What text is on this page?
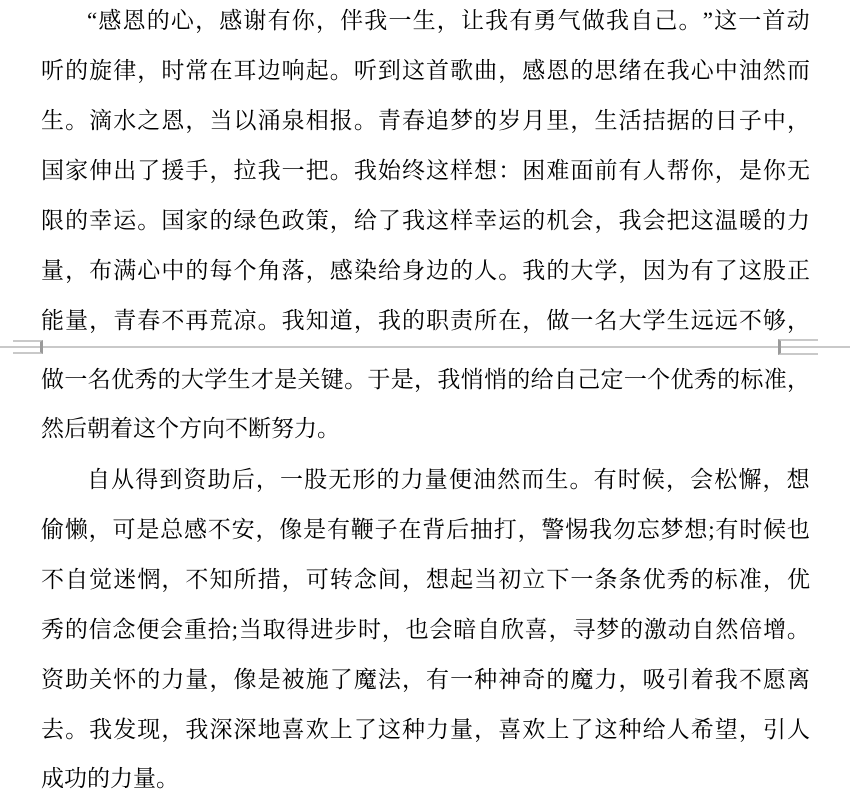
“ 感 恩 的 心 ， 感 谢 有 你 ， 伴 我 一 生 ， 让 我 有 勇 气 做 我 自 己 。 ” 这 一 首 动
听 的 旋 律 ， 时 常 在 耳 边 响 起 。 听 到 这 首 歌 曲 ， 感 恩 的 思 绪 在 我 心 中 油 然 而
生 。 滴 水 之 恩 ， 当 以 涌 泉 相 报 。 青 春 追 梦 的 岁 月 里 ， 生 活 拮 据 的 日 子 中 ，
国 家 伸 出 了 援 手 ， 拉 我 一 把 。 我 始 终 这 样 想 ： 困 难 面 前 有 人 帮 你 ， 是 你 无
限 的 幸 运 。 国 家 的 绿 色 政 策 ， 给 了 我 这 样 幸 运 的 机 会 ， 我 会 把 这 温 暖 的 力
量 ， 布 满 心 中 的 每 个 角 落 ， 感 染 给 身 边 的 人 。 我 的 大 学 ， 因 为 有 了 这 股 正
能 量 ， 青 春 不 再 荒 凉 。 我 知 道 ， 我 的 职 责 所 在 ， 做 一 名 大 学 生 远 远 不 够 ，
做 一 名 优 秀 的 大 学 生 才 是 关 键 。 于 是 ， 我 悄 悄 的 给 自 己 定 一 个 优 秀 的 标 准 ，
然后朝着这个方向不断努力。
自 从 得 到 资 助 后 ， 一 股 无 形 的 力 量 便 油 然 而 生 。 有 时 候 ， 会 松 懈 ， 想
偷 懒 ， 可 是 总 感 不 安 ， 像 是 有 鞭 子 在 背 后 抽 打 ， 警 惕 我 勿 忘 梦 想 ; 有 时 候 也
不 自 觉 迷 惘 ， 不 知 所 措 ， 可 转 念 间 ， 想 起 当 初 立 下 一 条 条 优 秀 的 标 准 ， 优
秀 的 信 念 便 会 重 拾 ; 当 取 得 进 步 时 ， 也 会 暗 自 欣 喜 ， 寻 梦 的 激 动 自 然 倍 增 。
资 助 关 怀 的 力 量 ， 像 是 被 施 了 魔 法 ， 有 一 种 神 奇 的 魔 力 ， 吸 引 着 我 不 愿 离
去 。 我 发 现 ， 我 深 深 地 喜 欢 上 了 这 种 力 量 ， 喜 欢 上 了 这 种 给 人 希 望 ， 引 人
成功的力量。
